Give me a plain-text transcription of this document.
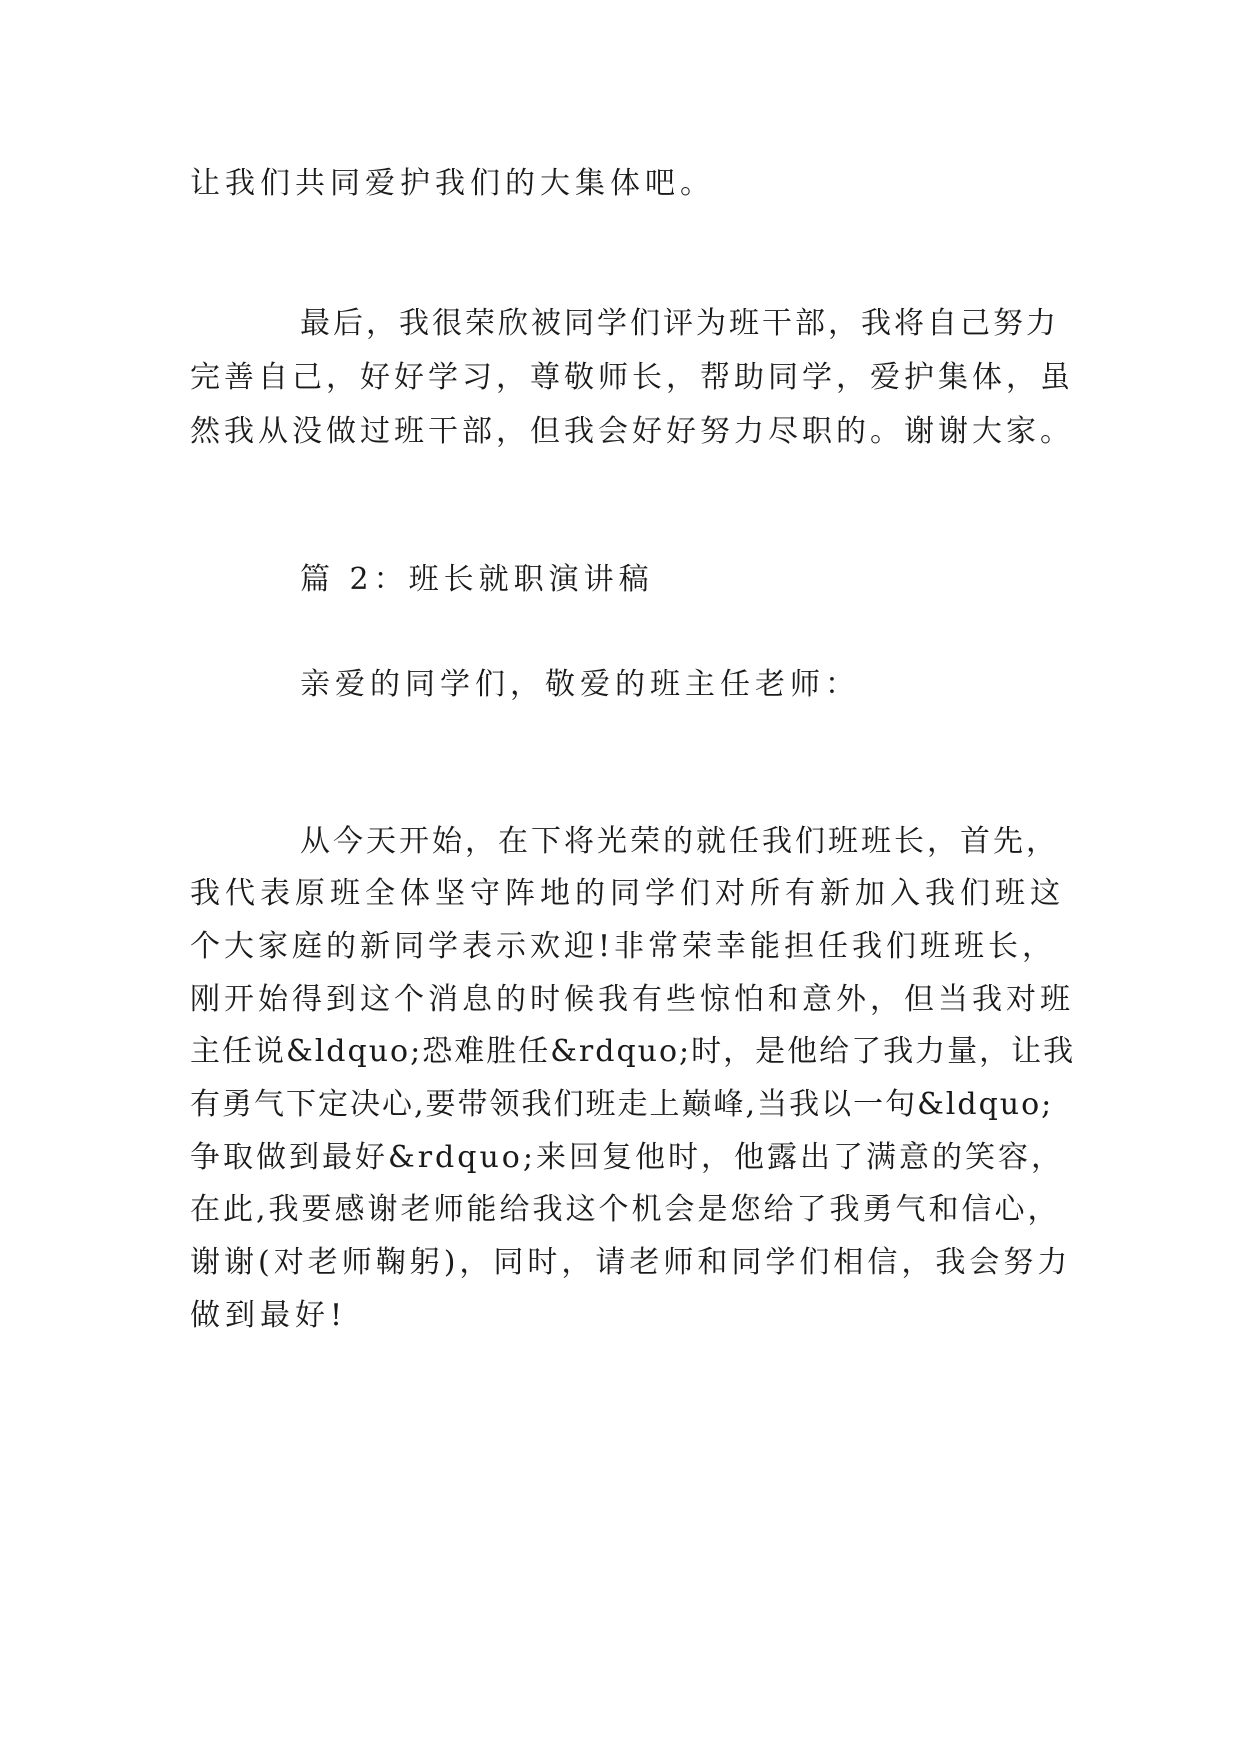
让我们共同爱护我们的大集体吧。
最后，我很荣欣被同学们评为班干部，我将自己努力
完善自己，好好学习，尊敬师长，帮助同学，爱护集体，虽
然我从没做过班干部，但我会好好努力尽职的。谢谢大家。
篇 2：班长就职演讲稿
亲爱的同学们，敬爱的班主任老师：
从今天开始，在下将光荣的就任我们班班长，首先，
我代表原班全体坚守阵地的同学们对所有新加入我们班这
个大家庭的新同学表示欢迎!非常荣幸能担任我们班班长，
刚开始得到这个消息的时候我有些惊怕和意外，但当我对班
主任说&ldquo;恐难胜任&rdquo;时，是他给了我力量，让我
有勇气下定决心,要带领我们班走上巅峰,当我以一句&ldquo;
争取做到最好&rdquo;来回复他时，他露出了满意的笑容，
在此,我要感谢老师能给我这个机会是您给了我勇气和信心，
谢谢(对老师鞠躬)，同时，请老师和同学们相信，我会努力
做到最好!
